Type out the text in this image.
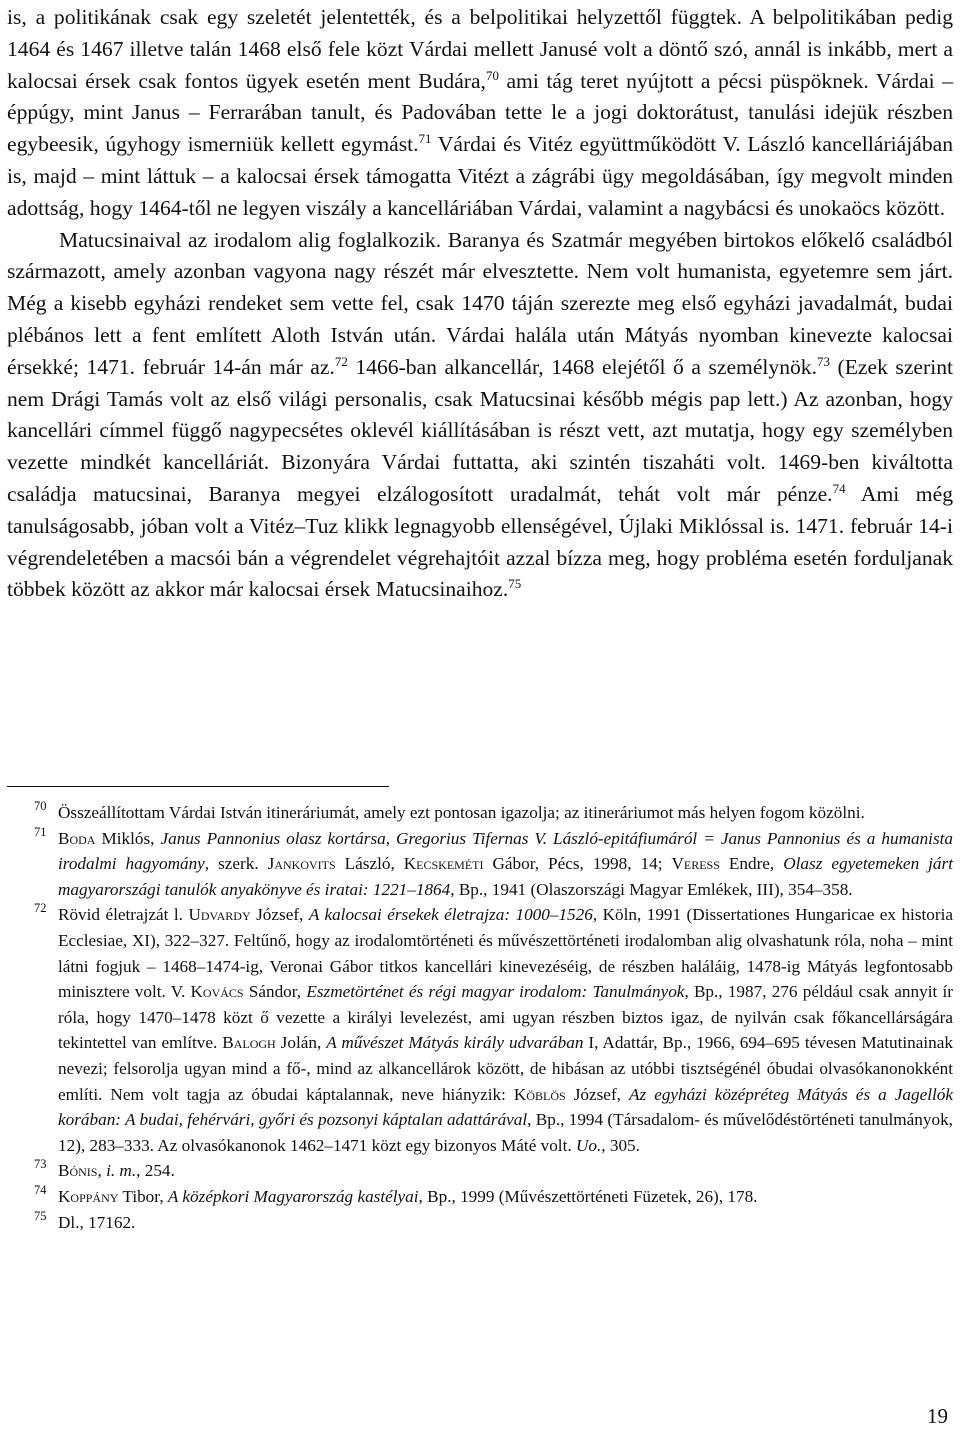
is, a politikának csak egy szeletét jelentették, és a belpolitikai helyzettől függtek. A belpolitikában pedig 1464 és 1467 illetve talán 1468 első fele közt Várdai mellett Janusé volt a döntő szó, annál is inkább, mert a kalocsai érsek csak fontos ügyek esetén ment Budára,$^{70}$ ami tág teret nyújtott a pécsi püspöknek. Várdai – éppúgy, mint Janus – Ferrarában tanult, és Padovában tette le a jogi doktorátust, tanulási idejük részben egybeesik, úgyhogy ismerniük kellett egymást.$^{71}$ Várdai és Vitéz együttműködött V. László kancelláriájában is, majd – mint láttuk – a kalocsai érsek támogatta Vitézt a zágrábi ügy megoldásában, így megvolt minden adottság, hogy 1464-től ne legyen viszály a kancelláriában Várdai, valamint a nagybácsi és unokaöcs között.

Matucsinaival az irodalom alig foglalkozik. Baranya és Szatmár megyében birtokos előkelő családból származott, amely azonban vagyona nagy részét már elvesztette. Nem volt humanista, egyetemre sem járt. Még a kisebb egyházi rendeket sem vette fel, csak 1470 táján szerezte meg első egyházi javadalmát, budai plébános lett a fent említett Aloth István után. Várdai halála után Mátyás nyomban kinevezte kalocsai érsekké; 1471. február 14-án már az.$^{72}$ 1466-ban alkancellár, 1468 elejétől ő a személynök.$^{73}$ (Ezek szerint nem Drági Tamás volt az első világi personalis, csak Matucsinai később mégis pap lett.) Az azonban, hogy kancellári címmel függő nagypecsétes oklevél kiállításában is részt vett, azt mutatja, hogy egy személyben vezette mindkét kancelláriát. Bizonyára Várdai futtatta, aki szintén tiszaháti volt. 1469-ben kiváltotta családja matucsinai, Baranya megyei elzálogosított uradalmát, tehát volt már pénze.$^{74}$ Ami még tanulságosabb, jóban volt a Vitéz–Tuz klikk legnagyobb ellenségével, Újlaki Miklóssal is. 1471. február 14-i végrendeletében a macsói bán a végrendelet végrehajtóit azzal bízza meg, hogy probléma esetén forduljanak többek között az akkor már kalocsai érsek Matucsinaihoz.$^{75}$

70 Összeállítottam Várdai István itineráriumát, amely ezt pontosan igazolja; az itineráriumot más helyen fogom közölni.
71 Boda Miklós, Janus Pannonius olasz kortársa, Gregorius Tifernas V. László-epitáfiumáról = Janus Pannonius és a humanista irodalmi hagyomány, szerk. Jankovits László, Kecskeméti Gábor, Pécs, 1998, 14; Veress Endre, Olasz egyetemeken járt magyarországi tanulók anyakönyve és iratai: 1221–1864, Bp., 1941 (Olaszországi Magyar Emlékek, III), 354–358.
72 Rövid életrajzát l. Udvardy József, A kalocsai érsekek életrajza: 1000–1526, Köln, 1991 (Dissertationes Hungaricae ex historia Ecclesiae, XI), 322–327. Feltűnő, hogy az irodalomtörténeti és művészettörténeti irodalomban alig olvashatunk róla, noha – mint látni fogjuk – 1468–1474-ig, Veronai Gábor titkos kancellári kinevezéséig, de részben haláláig, 1478-ig Mátyás legfontosabb minisztere volt. V. Kovács Sándor, Eszmetörténet és régi magyar irodalom: Tanulmányok, Bp., 1987, 276 például csak annyit ír róla, hogy 1470–1478 közt ő vezette a királyi levelezést, ami ugyan részben biztos igaz, de nyilván csak főkancellárságára tekintettel van említve. Balogh Jolán, A művészet Mátyás király udvarában I, Adattár, Bp., 1966, 694–695 tévesen Matutinainak nevezi; felsorolja ugyan mind a fő-, mind az alkancellárok között, de hibásan az utóbbi tisztségénél óbudai olvasókanonokként említi. Nem volt tagja az óbudai káptalannak, neve hiányzik: Köblös József, Az egyházi középréteg Mátyás és a Jagellók korában: A budai, fehérvári, győri és pozsonyi káptalan adattárával, Bp., 1994 (Társadalom- és művelődéstörténeti tanulmányok, 12), 283–333. Az olvasókanonok 1462–1471 közt egy bizonyos Máté volt. Uo., 305.
73 Bónis, i. m., 254.
74 Koppány Tibor, A középkori Magyarország kastélyai, Bp., 1999 (Művészettörténeti Füzetek, 26), 178.
75 Dl., 17162.
19
